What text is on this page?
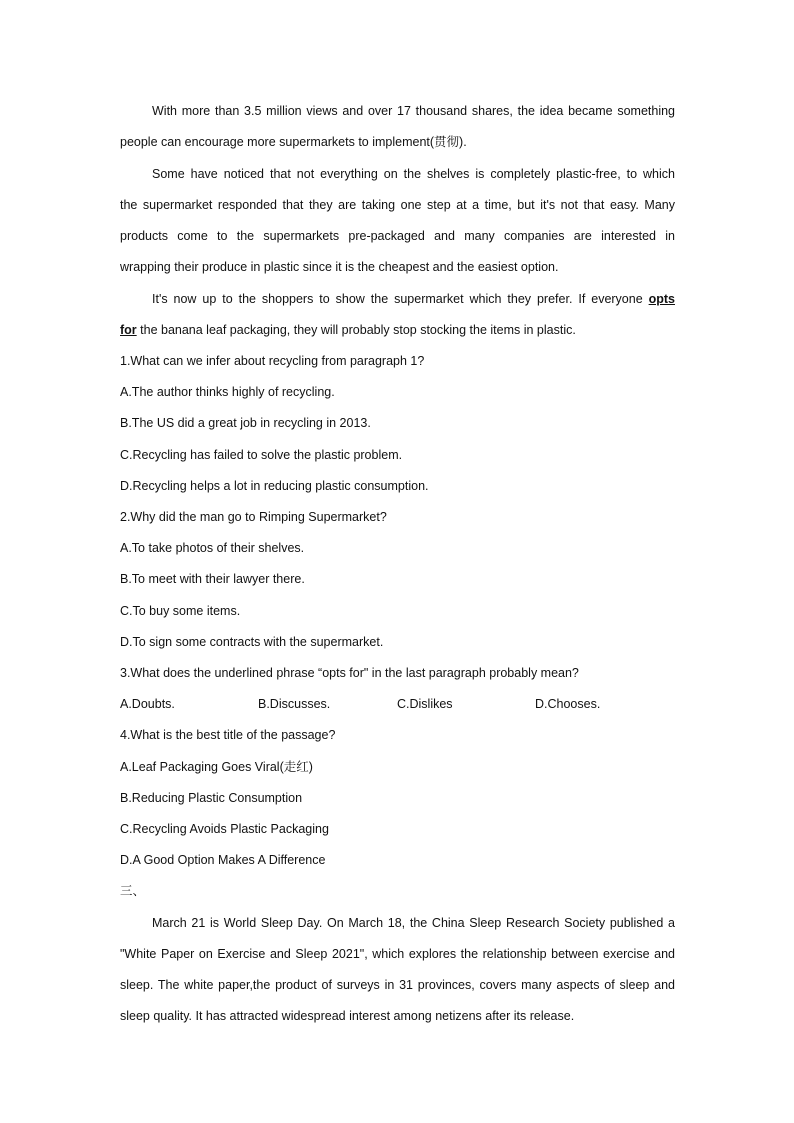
With more than 3.5 million views and over 17 thousand shares, the idea became something
people can encourage more supermarkets to implement(贯彻).
Some have noticed that not everything on the shelves is completely plastic-free, to which
the supermarket responded that they are taking one step at a time, but it's not that easy. Many
products come to the supermarkets pre-packaged and many companies are interested in
wrapping their produce in plastic since it is the cheapest and the easiest option.
It's now up to the shoppers to show the supermarket which they prefer. If everyone opts
for the banana leaf packaging, they will probably stop stocking the items in plastic.
1.What can we infer about recycling from paragraph 1?
A.The author thinks highly of recycling.
B.The US did a great job in recycling in 2013.
C.Recycling has failed to solve the plastic problem.
D.Recycling helps a lot in reducing plastic consumption.
2.Why did the man go to Rimping Supermarket?
A.To take photos of their shelves.
B.To meet with their lawyer there.
C.To buy some items.
D.To sign some contracts with the supermarket.
3.What does the underlined phrase “opts for" in the last paragraph probably mean?
A.Doubts.	B.Discusses.	C.Dislikes	D.Chooses.
4.What is the best title of the passage?
A.Leaf Packaging Goes Viral(走红)
B.Reducing Plastic Consumption
C.Recycling Avoids Plastic Packaging
D.A Good Option Makes A Difference
三、
March 21 is World Sleep Day. On March 18, the China Sleep Research Society published a
"White Paper on Exercise and Sleep 2021", which explores the relationship between exercise and
sleep. The white paper,the product of surveys in 31 provinces, covers many aspects of sleep and
sleep quality. It has attracted widespread interest among netizens after its release.
